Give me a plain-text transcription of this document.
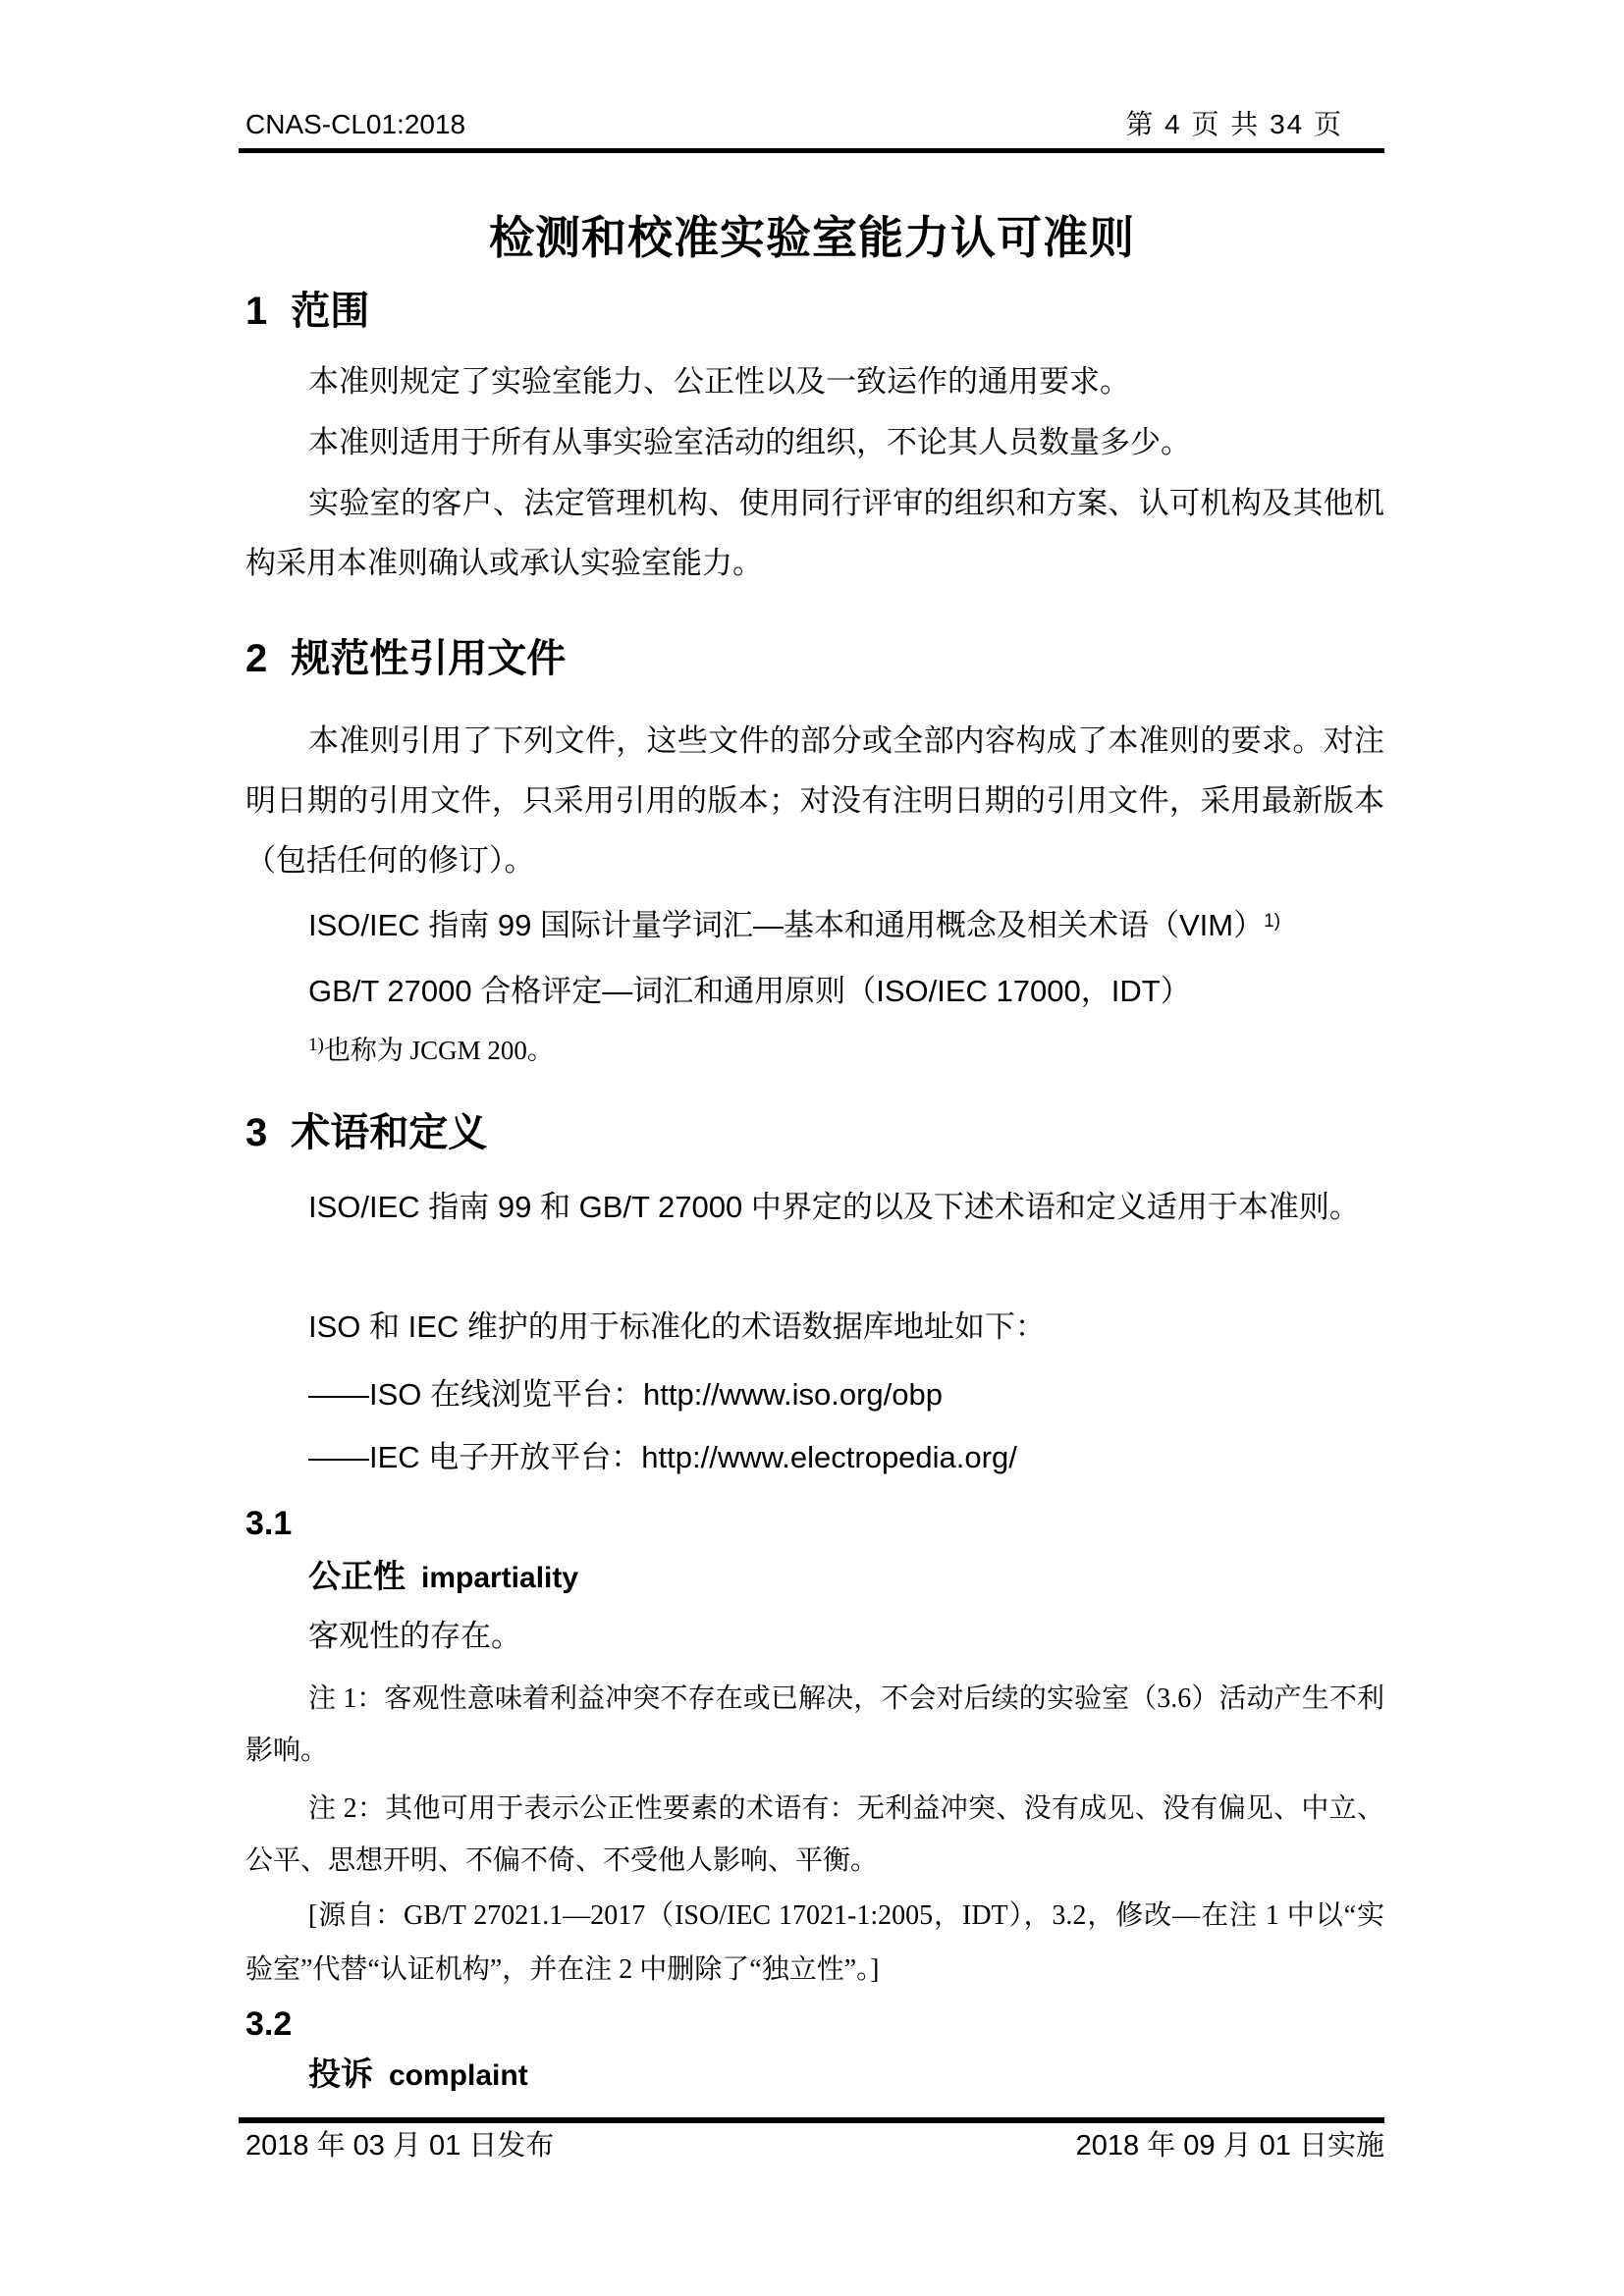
CNAS-CL01:2018	第 4 页 共 34 页
检测和校准实验室能力认可准则
1 范围
本准则规定了实验室能力、公正性以及一致运作的通用要求。
本准则适用于所有从事实验室活动的组织，不论其人员数量多少。
实验室的客户、法定管理机构、使用同行评审的组织和方案、认可机构及其他机构采用本准则确认或承认实验室能力。
2 规范性引用文件
本准则引用了下列文件，这些文件的部分或全部内容构成了本准则的要求。对注明日期的引用文件，只采用引用的版本；对没有注明日期的引用文件，采用最新版本（包括任何的修订）。
ISO/IEC 指南 99 国际计量学词汇—基本和通用概念及相关术语（VIM）$^{1)}$
GB/T 27000 合格评定—词汇和通用原则（ISO/IEC 17000，IDT）
$^{1)}$也称为 JCGM 200。
3 术语和定义
ISO/IEC 指南 99 和 GB/T 27000 中界定的以及下述术语和定义适用于本准则。
ISO 和 IEC 维护的用于标准化的术语数据库地址如下：
——ISO 在线浏览平台：http://www.iso.org/obp
——IEC 电子开放平台：http://www.electropedia.org/
3.1
公正性 impartiality
客观性的存在。
注 1：客观性意味着利益冲突不存在或已解决，不会对后续的实验室（3.6）活动产生不利影响。
注 2：其他可用于表示公正性要素的术语有：无利益冲突、没有成见、没有偏见、中立、公平、思想开明、不偏不倚、不受他人影响、平衡。
[源自：GB/T 27021.1—2017（ISO/IEC 17021-1:2005，IDT），3.2，修改—在注 1 中以“实验室”代替“认证机构”，并在注 2 中删除了“独立性”。]
3.2
投诉 complaint
2018 年 03 月 01 日发布	2018 年 09 月 01 日实施
